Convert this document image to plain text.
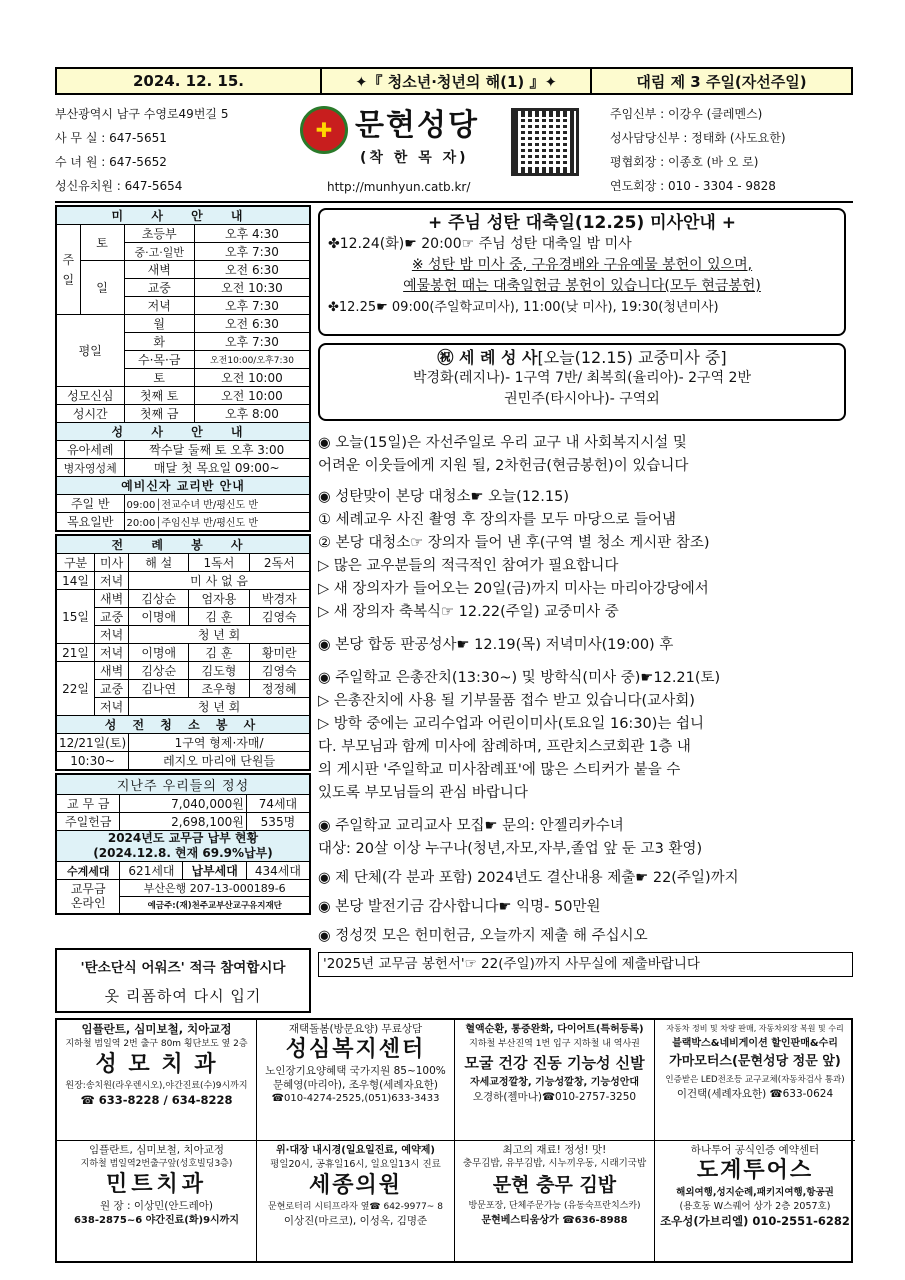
2024. 12. 15.	✦『 청소년·청년의 해(1) 』✦	대림 제 3 주일(자선주일)
부산광역시 남구 수영로49번길 5
사 무 실 : 647-5651
수 녀 원 : 647-5652
성신유치원 : 647-5654
✚ 문현성당
(착 한 목 자)
http://munhyun.catb.kr/
주임신부 : 이강우 (클레멘스)
성사담당신부 : 정태화 (사도요한)
평협회장 : 이종호 (바 오 로)
연도회장 : 010 - 3304 - 9828
미 사 안 내			
주일	토	초등부	오후 4:30
		중·고·일반	오후 7:30
	일	새벽	오전 6:30
		교중	오전 10:30
		저녁	오후 7:30
평일		월	오전 6:30
		화	오후 7:30
		수·목·금	오전10:00/오후7:30
		토	오전 10:00
성모신심		첫째 토	오전 10:00
성시간		첫째 금	오후 8:00
성 사 안 내			
유아세례		짝수달 둘째 토 오후 3:00	
병자영성체		매달 첫 목요일 09:00~	
예비신자 교리반 안내			
주일 반		09:00│전교수녀 반/평신도 반	
목요일반		20:00│주임신부 반/평신도 반	
전 례 봉 사				
구분	미사	해 설	1독서	2독서
14일	저녁	미 사 없 음		
15일	새벽	김상순	엄자용	박경자
	교중	이명애	김 훈	김영숙
	저녁	청 년 회		
21일	저녁	이명애	김 훈	황미란
22일	새벽	김상순	김도형	김영숙
	교중	김나연	조우형	정정혜
	저녁	청 년 회		
성 전 청 소 봉 사				
12/21일(토)		1구역 형제·자매/		
10:30~		레지오 마리애 단원들		
지난주 우리들의 정성			
교 무 금	7,040,000원		74세대
주일헌금	2,698,100원		535명

2024년도 교무금 납부 현황
(2024.12.8. 현재 69.9%납부)			

수계세대	621세대	납부세대	434세대

교무금
온라인	부산은행 207-13-000189-6		
	예금주:(재)천주교부산교구유지재단		
'탄소단식 어워즈' 적극 참여합시다
옷 리폼하여 다시 입기
+ 주님 성탄 대축일(12.25) 미사안내 +
✤12.24(화)☛ 20:00☞ 주님 성탄 대축일 밤 미사
※ 성탄 밤 미사 중, 구유경배와 구유예물 봉헌이 있으며,
예물봉헌 때는 대축일헌금 봉헌이 있습니다(모두 현금봉헌)
✤12.25☛ 09:00(주일학교미사), 11:00(낮 미사), 19:30(청년미사)
㊗ 세 례 성 사[오늘(12.15) 교중미사 중]
박경화(레지나)- 1구역 7반/ 최복희(율리아)- 2구역 2반
권민주(타시아나)- 구역외

◉ 오늘(15일)은 자선주일로 우리 교구 내 사회복지시설 및

어려운 이웃들에게 지원 될, 2차헌금(현금봉헌)이 있습니다

◉ 성탄맞이 본당 대청소☛ 오늘(12.15)

① 세례교우 사진 촬영 후 장의자를 모두 마당으로 들어냄

② 본당 대청소☞ 장의자 들어 낸 후(구역 별 청소 게시판 참조)

▷ 많은 교우분들의 적극적인 참여가 필요합니다

▷ 새 장의자가 들어오는 20일(금)까지 미사는 마리아강당에서

▷ 새 장의자 축복식☞ 12.22(주일) 교중미사 중

◉ 본당 합동 판공성사☛ 12.19(목) 저녁미사(19:00) 후

◉ 주일학교 은총잔치(13:30~) 및 방학식(미사 중)☛12.21(토)

▷ 은총잔치에 사용 될 기부물품 접수 받고 있습니다(교사회)

▷ 방학 중에는 교리수업과 어린이미사(토요일 16:30)는 쉽니

다. 부모님과 함께 미사에 참례하며, 프란치스코회관 1층 내

의 게시판 '주일학교 미사참례표'에 많은 스티커가 붙을 수

있도록 부모님들의 관심 바랍니다

◉ 주일학교 교리교사 모집☛ 문의: 안젤리카수녀

대상: 20살 이상 누구나(청년,자모,자부,졸업 앞 둔 고3 환영)

◉ 제 단체(각 분과 포함) 2024년도 결산내용 제출☛ 22(주일)까지

◉ 본당 발전기금 감사합니다☛ 익명- 50만원

◉ 정성껏 모은 헌미헌금, 오늘까지 제출 해 주십시오

'2025년 교무금 봉헌서'☞ 22(주일)까지 사무실에 제출바랍니다

임플란트, 심미보철, 치아교정
지하철 범일역 2번 출구 80m 횡단보도 옆 2층
성 모 치 과
원장:송치원(라우렌시오),야간진료(수)9시까지
☎ 633-8228 / 634-8228
재택돌봄(방문요양) 무료상담
성심복지센터
노인장기요양혜택 국가지원 85~100%
문혜영(마리아), 조우형(세례자요한)
☎010-4274-2525,(051)633-3433
혈액순환, 통증완화, 다이어트(특허등록)
지하철 부산진역 1번 입구 지하철 내 역사권
모굴 건강 진동 기능성 신발
자세교정깔창, 기능성깔창, 기능성안대
오경하(젤마나)☎010-2757-3250
자동차 정비 및 차량 판매, 자동차외장 복원 및 수리
블랙박스&네비게이션 할인판매&수리
가마모터스(문현성당 정문 앞)
인증받은 LED전조등 교구교체(자동차검사 통과)
이건택(세례자요한) ☎633-0624
임플란트, 심미보철, 치아교정
지하철 범일역2번출구앞(성호빌딩3층)
민트치과
원 장 : 이상민(안드레아)
638-2875~6 야간진료(화)9시까지
위·대장 내시경(일요일진료, 예약제)
평일20시, 공휴일16시, 일요일13시 진료
세종의원
문현로터리 시티프라자 옆☎ 642-9977~ 8
이상진(마르코), 이성옥, 김명준
최고의 재료! 정성! 맛!
충무김밥, 유부김밥, 시누끼우동, 시래기국밥
문현 충무 김밥
방문포장, 단체주문가능 (유동숙프란치스카)
문현베스티움상가 ☎636-8988
하나투어 공식인증 예약센터
도계투어스
해외여행,성지순례,패키지여행,항공권
(용호동 W스퀘어 상가 2층 2057호)
조우성(가브리엘) 010-2551-6282
